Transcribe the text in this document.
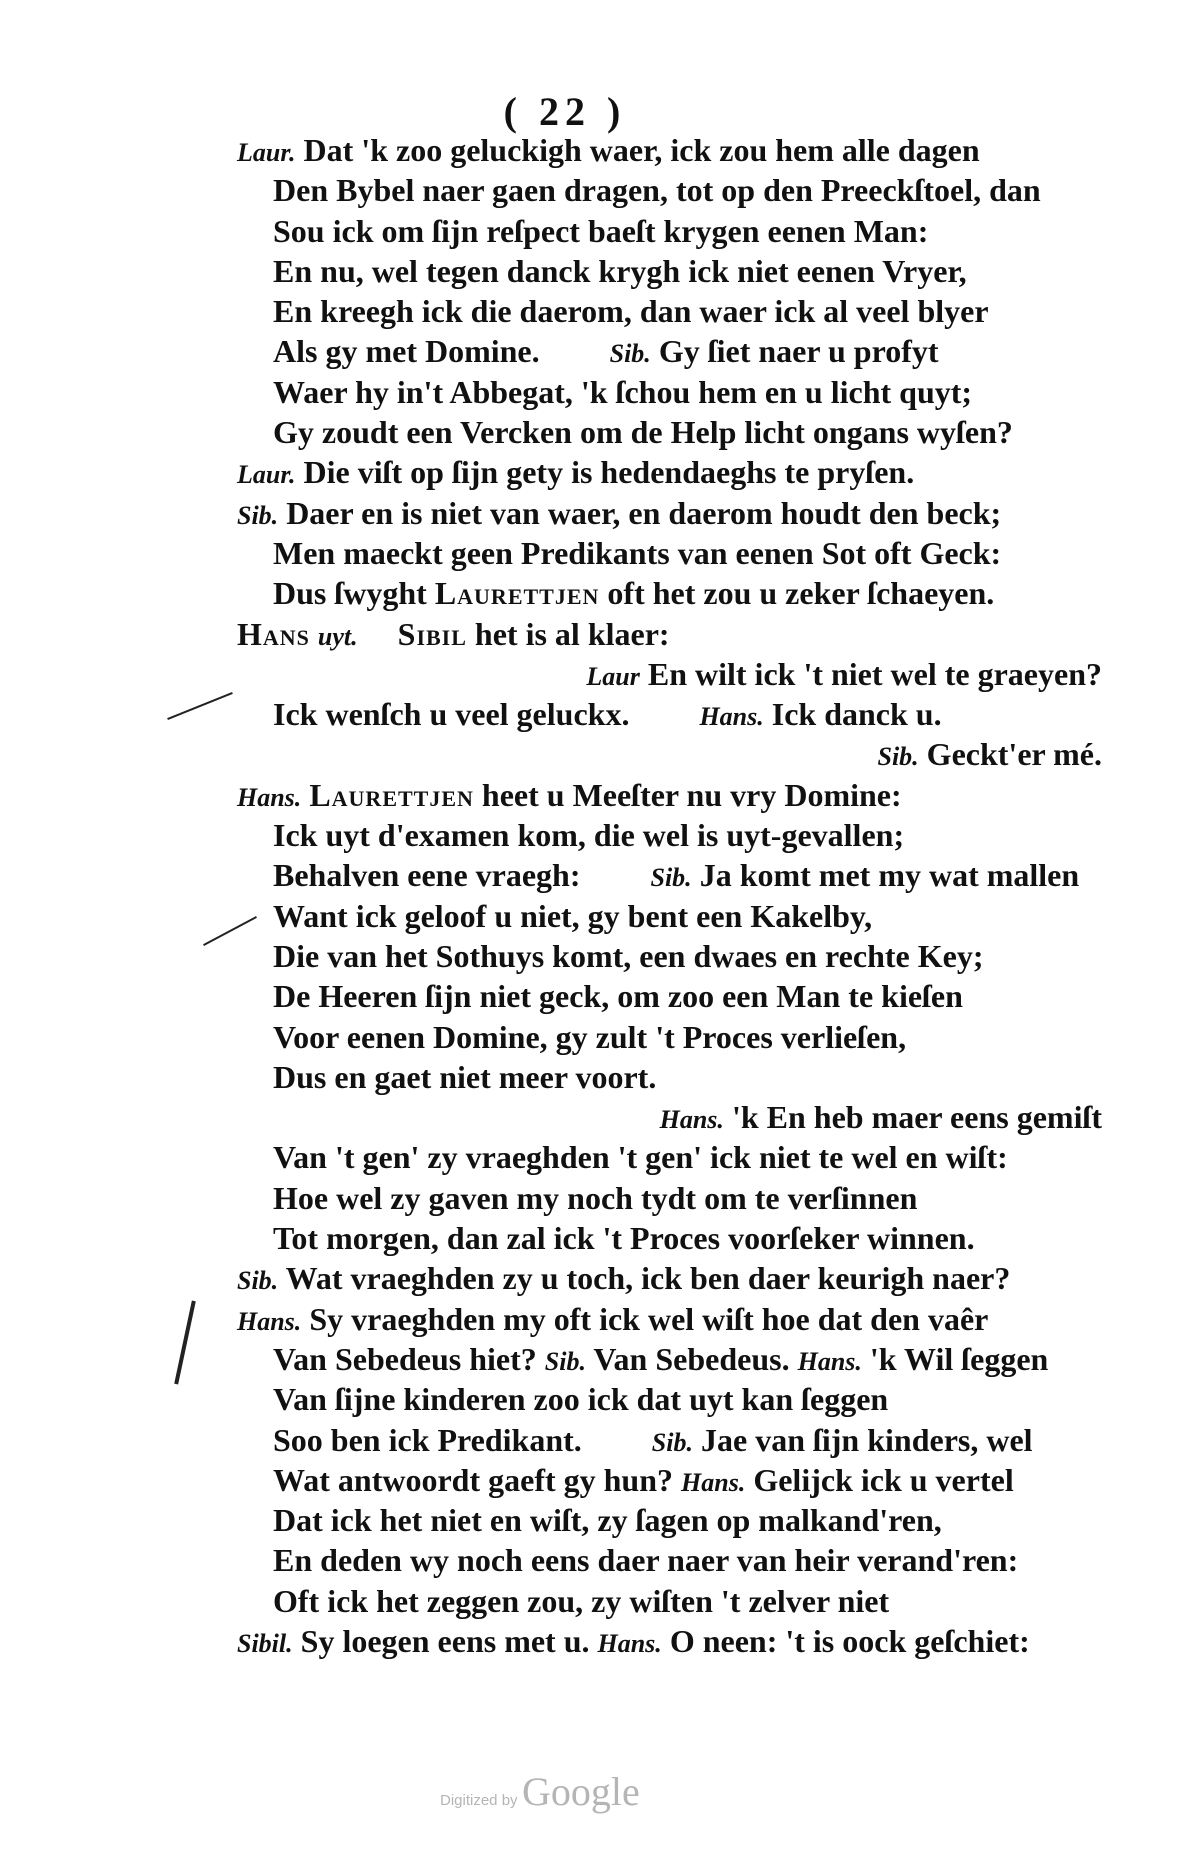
( 22 )
Laur. Dat 'k zoo geluckigh waer, ick zou hem alle dagen
Den Bybel naer gaen dragen, tot op den Preeckſtoel, dan
Sou ick om ſijn reſpect baeſt krygen eenen Man:
En nu, wel tegen danck krygh ick niet eenen Vryer,
En kreegh ick die daerom, dan waer ick al veel blyer
Als gy met Domine.	Sib. Gy ſiet naer u profyt
Waer hy in't Abbegat, 'k ſchou hem en u licht quyt;
Gy zoudt een Vercken om de Help licht ongans wyſen?
Laur. Die viſt op ſijn gety is hedendaeghs te pryſen.
Sib. Daer en is niet van waer, en daerom houdt den beck;
Men maeckt geen Predikants van eenen Sot oft Geck:
Dus ſwyght Laurettjen oft het zou u zeker ſchaeyen.
Hans uyt. Sibil het is al klaer:
Laur En wilt ick 't niet wel te graeyen?
Ick wenſch u veel geluckx.	Hans. Ick danck u.
Sib. Geckt'er mé.
Hans. Laurettjen heet u Meeſter nu vry Domine:
Ick uyt d'examen kom, die wel is uyt-gevallen;
Behalven eene vraegh:	Sib. Ja komt met my wat mallen
Want ick geloof u niet, gy bent een Kakelby,
Die van het Sothuys komt, een dwaes en rechte Key;
De Heeren ſijn niet geck, om zoo een Man te kieſen
Voor eenen Domine, gy zult 't Proces verlieſen,
Dus en gaet niet meer voort.
Hans. 'k En heb maer eens gemiſt
Van 't gen' zy vraeghden 't gen' ick niet te wel en wiſt:
Hoe wel zy gaven my noch tydt om te verſinnen
Tot morgen, dan zal ick 't Proces voorſeker winnen.
Sib. Wat vraeghden zy u toch, ick ben daer keurigh naer?
Hans. Sy vraeghden my oft ick wel wiſt hoe dat den vaêr
Van Sebedeus hiet? Sib. Van Sebedeus. Hans. 'k Wil ſeggen
Van ſijne kinderen zoo ick dat uyt kan ſeggen
Soo ben ick Predikant.	Sib. Jae van ſijn kinders, wel
Wat antwoordt gaeft gy hun? Hans. Gelijck ick u vertel
Dat ick het niet en wiſt, zy ſagen op malkand'ren,
En deden wy noch eens daer naer van heir verand'ren:
Oft ick het zeggen zou, zy wiſten 't zelver niet
Sibil. Sy loegen eens met u. Hans. O neen: 't is oock geſchiet:
Digitized by Google
